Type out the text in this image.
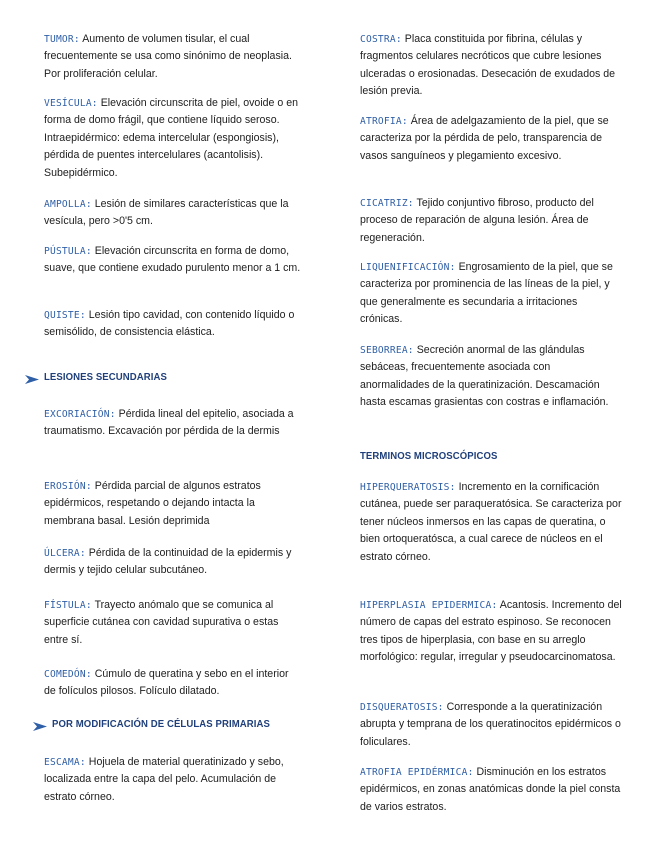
TUMOR: Aumento de volumen tisular, el cual frecuentemente se usa como sinónimo de neoplasia. Por proliferación celular.
VESÍCULA: Elevación circunscrita de piel, ovoide o en forma de domo frágil, que contiene líquido seroso. Intraepidérmico: edema intercelular (espongiosis), pérdida de puentes intercelulares (acantolisis). Subepidérmico.
AMPOLLA: Lesión de similares características que la vesícula, pero >0'5 cm.
PÚSTULA: Elevación circunscrita en forma de domo, suave, que contiene exudado purulento menor a 1 cm.
QUISTE: Lesión tipo cavidad, con contenido líquido o semisólido, de consistencia elástica.
EXCORIACIÓN: Pérdida lineal del epitelio, asociada a traumatismo. Excavación por pérdida de la dermis
EROSIÓN: Pérdida parcial de algunos estratos epidérmicos, respetando o dejando intacta la membrana basal. Lesión deprimida
ÚLCERA: Pérdida de la continuidad de la epidermis y dermis y tejido celular subcutáneo.
FÍSTULA: Trayecto anómalo que se comunica al superficie cutánea con cavidad supurativa o estas entre sí.
COMEDÓN: Cúmulo de queratina y sebo en el interior de folículos pilosos. Folículo dilatado.
ESCAMA: Hojuela de material queratinizado y sebo, localizada entre la capa del pelo. Acumulación de estrato córneo.
LESIONES SECUNDARIAS
POR MODIFICACIÓN DE CÉLULAS PRIMARIAS
COSTRA: Placa constituida por fibrina, células y fragmentos celulares necróticos que cubre lesiones ulceradas o erosionadas. Desecación de exudados de lesión previa.
ATROFIA: Área de adelgazamiento de la piel, que se caracteriza por la pérdida de pelo, transparencia de vasos sanguíneos y plegamiento excesivo.
CICATRIZ: Tejido conjuntivo fibroso, producto del proceso de reparación de alguna lesión. Área de regeneración.
LIQUENIFICACIÓN: Engrosamiento de la piel, que se caracteriza por prominencia de las líneas de la piel, y que generalmente es secundaria a irritaciones crónicas.
SEBORREA: Secreción anormal de las glándulas sebáceas, frecuentemente asociada con anormalidades de la queratinización. Descamación hasta escamas grasientas con costras e inflamación.
TERMINOS MICROSCÓPICOS
HIPERQUERATOSIS: Incremento en la cornificación cutánea, puede ser paraqueratósica. Se caracteriza por tener núcleos inmersos en las capas de queratina, o bien ortoqueratósca, a cual carece de núcleos en el estrato córneo.
HIPERPLASIA EPIDERMICA: Acantosis. Incremento del número de capas del estrato espinoso. Se reconocen tres tipos de hiperplasia, con base en su arreglo morfológico: regular, irregular y pseudocarcinomatosa.
DISQUERATOSIS: Corresponde a la queratinización abrupta y temprana de los queratinocitos epidérmicos o foliculares.
ATROFIA EPIDÉRMICA: Disminución en los estratos epidérmicos, en zonas anatómicas donde la piel consta de varios estratos.
